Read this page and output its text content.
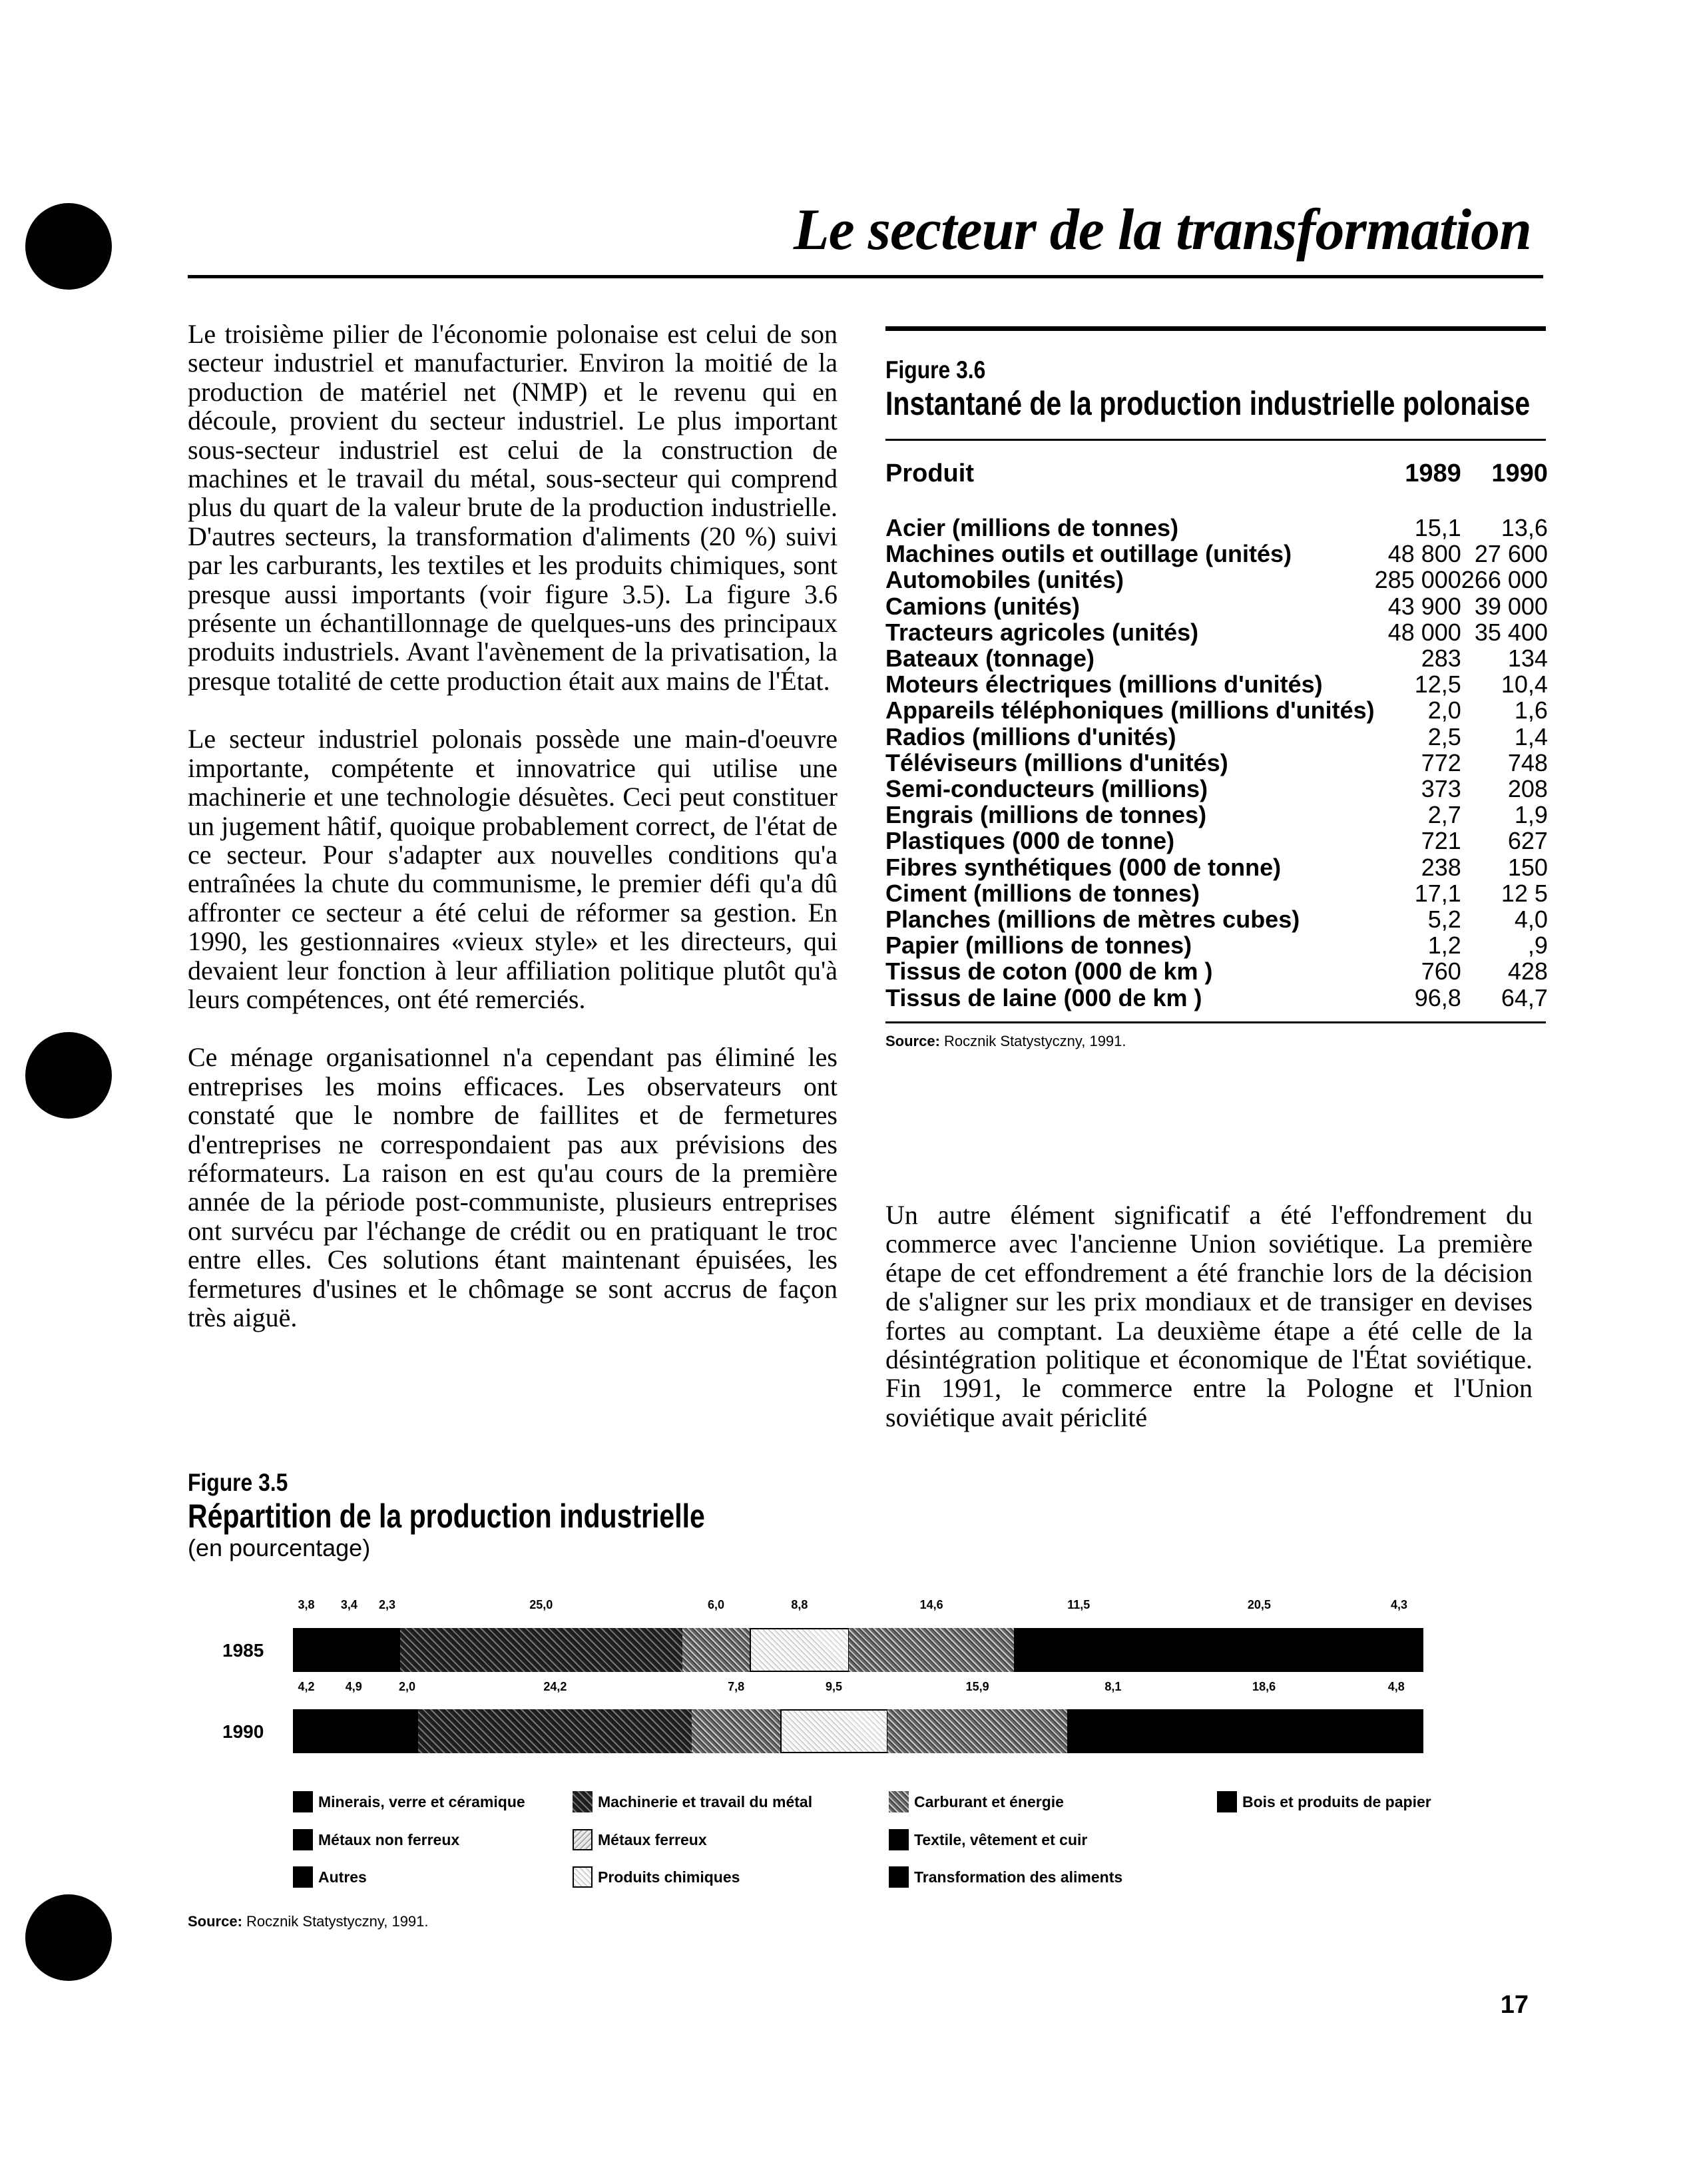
Le secteur de la transformation

Le troisième pilier de l'économie polonaise est celui de son secteur industriel et manufacturier. Environ la moitié de la production de matériel net (NMP) et le revenu qui en découle, provient du secteur industriel. Le plus important sous-secteur industriel est celui de la construction de machines et le travail du métal, sous-secteur qui comprend plus du quart de la valeur brute de la production industrielle. D'autres secteurs, la transformation d'aliments (20 %) suivi par les carburants, les textiles et les produits chimiques, sont presque aussi importants (voir figure 3.5). La figure 3.6 présente un échantillonnage de quelques-uns des principaux produits industriels. Avant l'avènement de la privatisation, la presque totalité de cette production était aux mains de l'État.

Le secteur industriel polonais possède une main-d'oeuvre importante, compétente et innovatrice qui utilise une machinerie et une technologie désuètes. Ceci peut constituer un jugement hâtif, quoique probablement correct, de l'état de ce secteur. Pour s'adapter aux nouvelles conditions qu'a entraînées la chute du communisme, le premier défi qu'a dû affronter ce secteur a été celui de réformer sa gestion. En 1990, les gestionnaires «vieux style» et les directeurs, qui devaient leur fonction à leur affiliation politique plutôt qu'à leurs compétences, ont été remerciés.

Ce ménage organisationnel n'a cependant pas éliminé les entreprises les moins efficaces. Les observateurs ont constaté que le nombre de faillites et de fermetures d'entreprises ne correspondaient pas aux prévisions des réformateurs. La raison en est qu'au cours de la première année de la période post-communiste, plusieurs entreprises ont survécu par l'échange de crédit ou en pratiquant le troc entre elles. Ces solutions étant maintenant épuisées, les fermetures d'usines et le chômage se sont accrus de façon très aiguë.

Figure 3.6
Instantané de la production industrielle polonaise
Produit	1989	1990
Acier (millions de tonnes)	15,1	13,6
Machines outils et outillage (unités)	48 800	27 600
Automobiles (unités)	285 000	266 000
Camions (unités)	43 900	39 000
Tracteurs agricoles (unités)	48 000	35 400
Bateaux (tonnage)	283	134
Moteurs électriques (millions d'unités)	12,5	10,4
Appareils téléphoniques (millions d'unités)	2,0	1,6
Radios (millions d'unités)	2,5	1,4
Téléviseurs (millions d'unités)	772	748
Semi-conducteurs (millions)	373	208
Engrais (millions de tonnes)	2,7	1,9
Plastiques (000 de tonne)	721	627
Fibres synthétiques (000 de tonne)	238	150
Ciment (millions de tonnes)	17,1	12 5
Planches (millions de mètres cubes)	5,2	4,0
Papier (millions de tonnes)	1,2	,9
Tissus de coton (000 de km )	760	428
Tissus de laine (000 de km )	96,8	64,7
Source: Rocznik Statystyczny, 1991.

Un autre élément significatif a été l'effondrement du commerce avec l'ancienne Union soviétique. La première étape de cet effondrement a été franchie lors de la décision de s'aligner sur les prix mondiaux et de transiger en devises fortes au comptant. La deuxième étape a été celle de la désintégration politique et économique de l'État soviétique. Fin 1991, le commerce entre la Pologne et l'Union soviétique avait périclité

Figure 3.5
Répartition de la production industrielle
(en pourcentage)
1985
3,8 3,4 2,3	25,0	6,0	8,8	14,6	11,5	20,5	4,3
1990
4,2	4,9	2,0	24,2	7,8	9,5	15,9	8,1	18,6	4,8
Minerais, verre et céramique	Machinerie et travail du métal	Carburant et énergie	Bois et produits de papier
Métaux non ferreux	Métaux ferreux	Textile, vêtement et cuir
Autres	Produits chimiques	Transformation des aliments
Source: Rocznik Statystyczny, 1991.
17
